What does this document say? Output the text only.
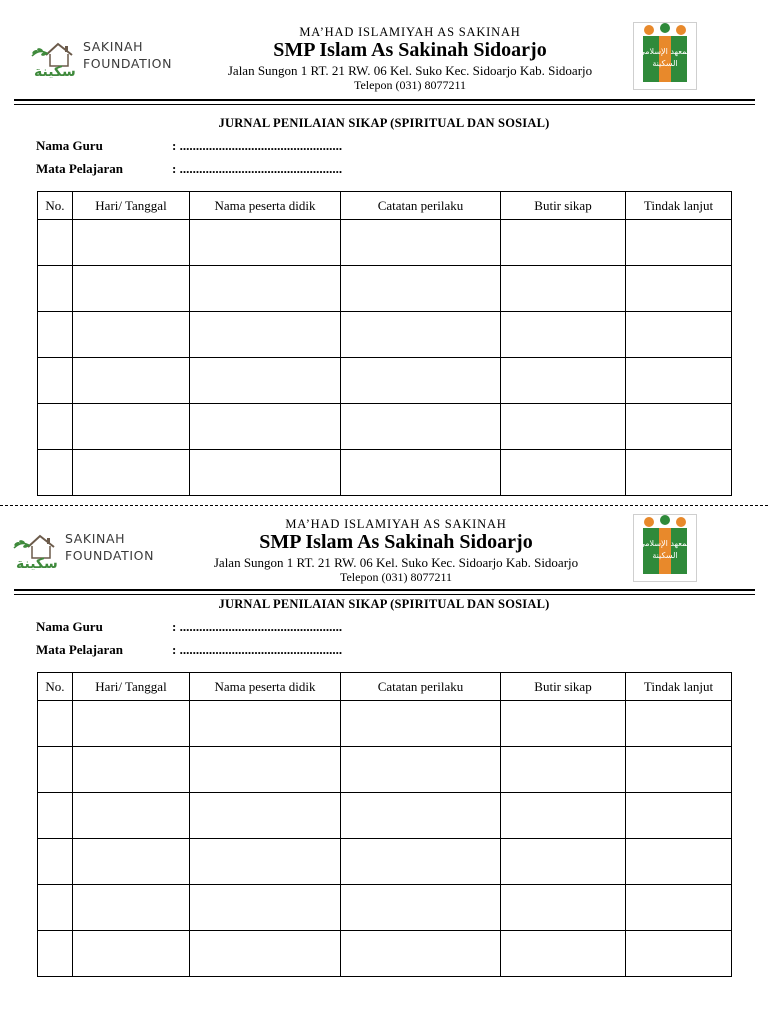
سكينة
SAKINAH
FOUNDATION
MA’HAD ISLAMIYAH AS SAKINAH
SMP Islam As Sakinah Sidoarjo
Jalan Sungon 1 RT. 21 RW. 06 Kel. Suko Kec. Sidoarjo Kab. Sidoarjo
Telepon (031) 8077211
المعهد الإسلامي
السكينة
JURNAL PENILAIAN SIKAP (SPIRITUAL DAN SOSIAL)
Nama Guru	: ..................................................
Mata Pelajaran	: ..................................................
No.	Hari/ Tanggal	Nama peserta didik	Catatan perilaku	Butir sikap	Tindak lanjut

سكينة
SAKINAH
FOUNDATION
MA’HAD ISLAMIYAH AS SAKINAH
SMP Islam As Sakinah Sidoarjo
Jalan Sungon 1 RT. 21 RW. 06 Kel. Suko Kec. Sidoarjo Kab. Sidoarjo
Telepon (031) 8077211
المعهد الإسلامي
السكينة
JURNAL PENILAIAN SIKAP (SPIRITUAL DAN SOSIAL)
Nama Guru	: ..................................................
Mata Pelajaran	: ..................................................
No.	Hari/ Tanggal	Nama peserta didik	Catatan perilaku	Butir sikap	Tindak lanjut
